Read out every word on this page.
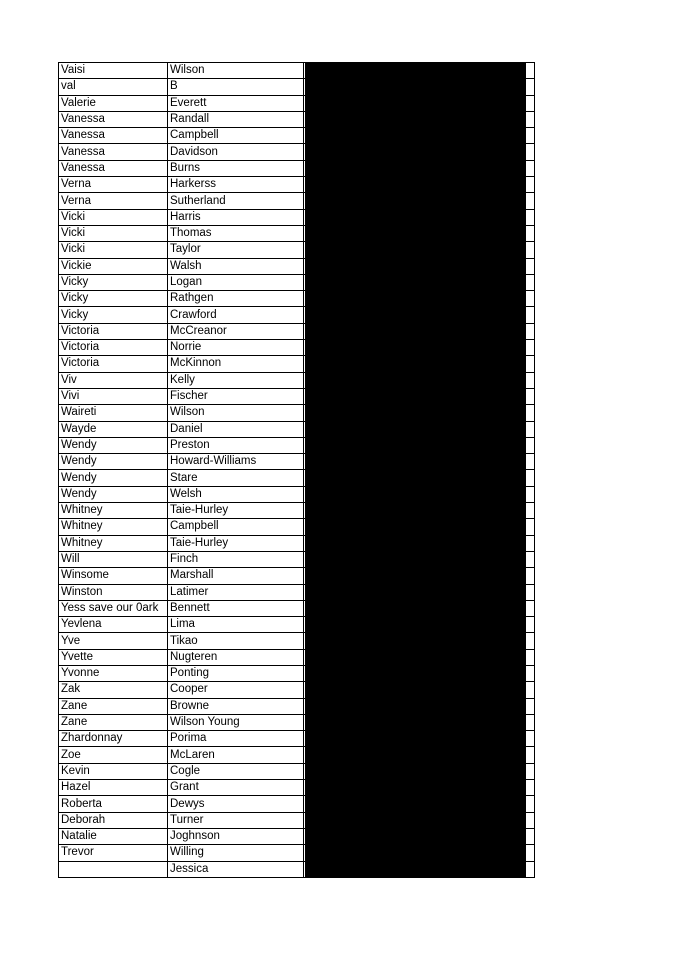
Vaisi	Wilson	
val	B	
Valerie	Everett	
Vanessa	Randall	
Vanessa	Campbell	
Vanessa	Davidson	
Vanessa	Burns	
Verna	Harkerss	
Verna	Sutherland	
Vicki	Harris	
Vicki	Thomas	
Vicki	Taylor	
Vickie	Walsh	
Vicky	Logan	
Vicky	Rathgen	
Vicky	Crawford	
Victoria	McCreanor	
Victoria	Norrie	
Victoria	McKinnon	
Viv	Kelly	
Vivi	Fischer	
Waireti	Wilson	
Wayde	Daniel	
Wendy	Preston	
Wendy	Howard-Williams	
Wendy	Stare	
Wendy	Welsh	
Whitney	Taie-Hurley	
Whitney	Campbell	
Whitney	Taie-Hurley	
Will	Finch	
Winsome	Marshall	
Winston	Latimer	
Yess save our 0ark	Bennett	
Yevlena	Lima	
Yve	Tikao	
Yvette	Nugteren	
Yvonne	Ponting	
Zak	Cooper	
Zane	Browne	
Zane	Wilson Young	
Zhardonnay	Porima	
Zoe	McLaren	
Kevin	Cogle	
Hazel	Grant	
Roberta	Dewys	
Deborah	Turner	
Natalie	Joghnson	
Trevor	Willing	
	Jessica	
